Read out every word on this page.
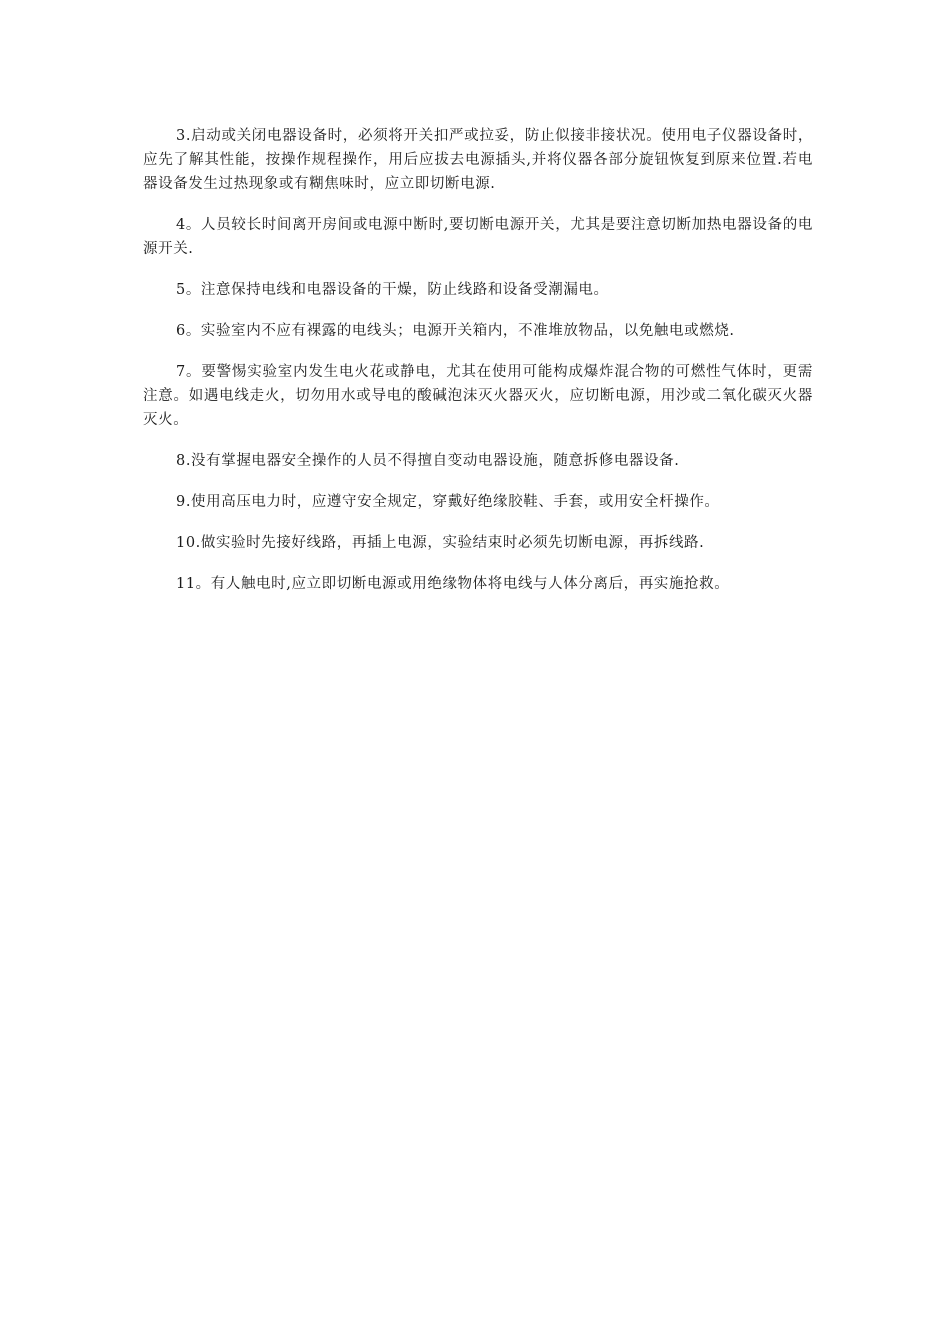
3.启动或关闭电器设备时，必须将开关扣严或拉妥，防止似接非接状况。使用电子仪器设备时，应先了解其性能，按操作规程操作，用后应拔去电源插头,并将仪器各部分旋钮恢复到原来位置.若电器设备发生过热现象或有糊焦味时，应立即切断电源.

4。人员较长时间离开房间或电源中断时,要切断电源开关，尤其是要注意切断加热电器设备的电源开关.

5。注意保持电线和电器设备的干燥，防止线路和设备受潮漏电。

6。实验室内不应有裸露的电线头；电源开关箱内，不准堆放物品，以免触电或燃烧.

7。要警惕实验室内发生电火花或静电，尤其在使用可能构成爆炸混合物的可燃性气体时，更需注意。如遇电线走火，切勿用水或导电的酸碱泡沫灭火器灭火，应切断电源，用沙或二氧化碳灭火器灭火。

8.没有掌握电器安全操作的人员不得擅自变动电器设施，随意拆修电器设备.

9.使用高压电力时，应遵守安全规定，穿戴好绝缘胶鞋、手套，或用安全杆操作。

10.做实验时先接好线路，再插上电源，实验结束时必须先切断电源，再拆线路.

11。有人触电时,应立即切断电源或用绝缘物体将电线与人体分离后，再实施抢救。
